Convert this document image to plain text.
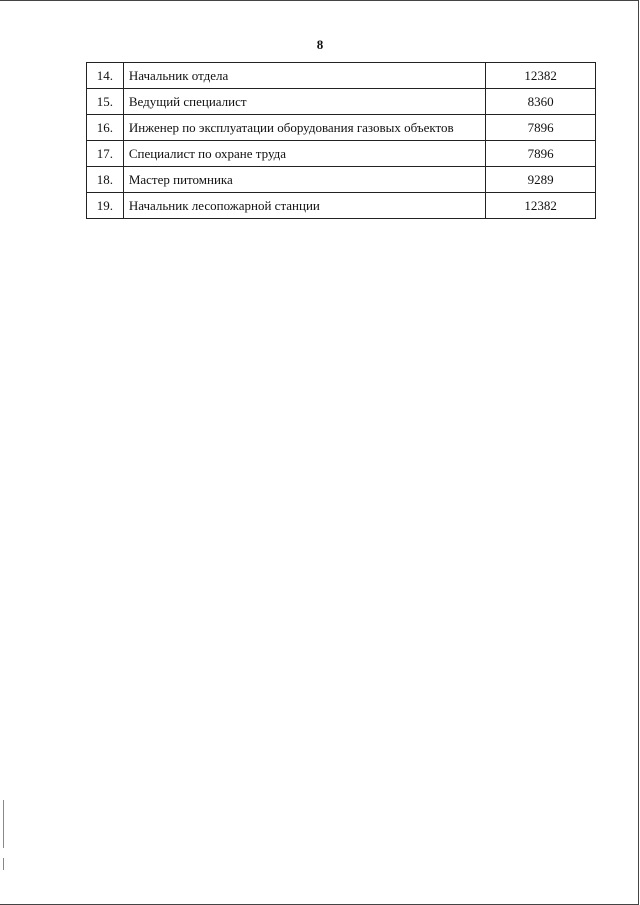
8
14.	Начальник отдела	12382
15.	Ведущий специалист	8360
16.	Инженер по эксплуатации оборудования газовых объектов	7896
17.	Специалист по охране труда	7896
18.	Мастер питомника	9289
19.	Начальник лесопожарной станции	12382
